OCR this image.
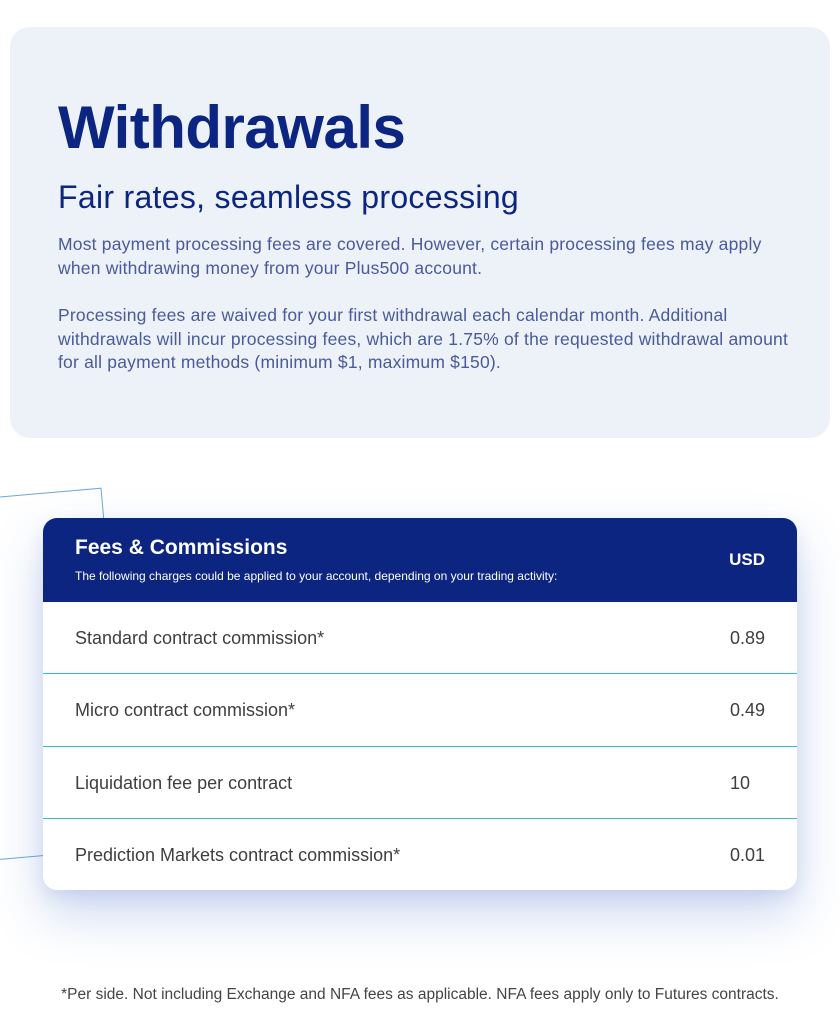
Withdrawals
Fair rates, seamless processing

Most payment processing fees are covered. However, certain processing fees may apply when withdrawing money from your Plus500 account.

Processing fees are waived for your first withdrawal each calendar month. Additional withdrawals will incur processing fees, which are 1.75% of the requested withdrawal amount for all payment methods (minimum $1, maximum $150).

Fees & Commissions
The following charges could be applied to your account, depending on your trading activity:
USD
Standard contract commission*	0.89
Micro contract commission*	0.49
Liquidation fee per contract	10
Prediction Markets contract commission*	0.01

*Per side. Not including Exchange and NFA fees as applicable. NFA fees apply only to Futures contracts.
